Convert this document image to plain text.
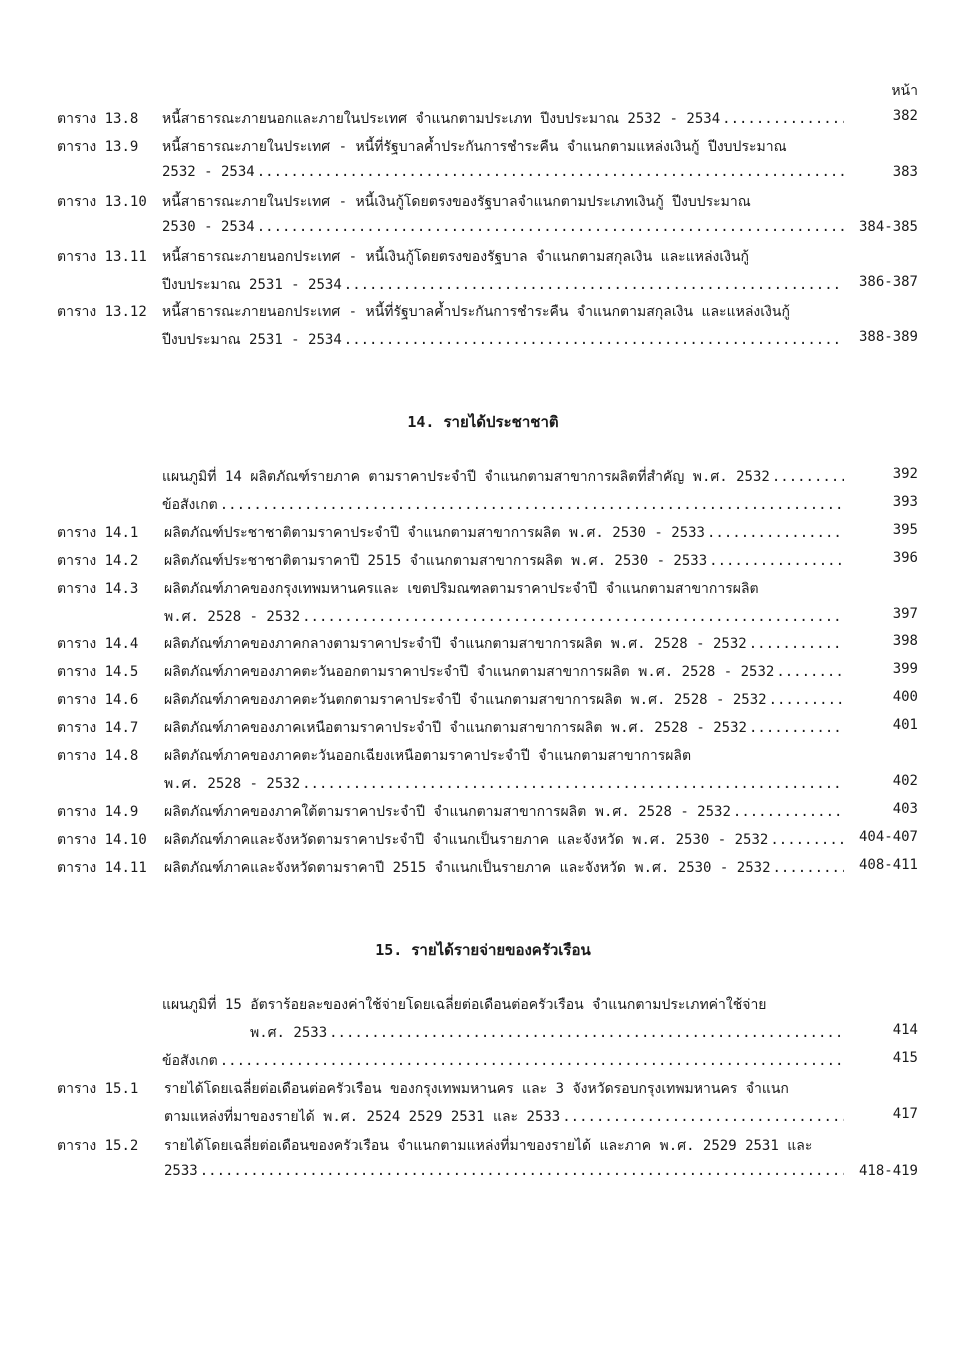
หน้า
ตาราง 13.8 หนี้สาธารณะภายนอกและภายในประเทศ จำแนกตามประเภท ปีงบประมาณ 2532 - 2534 .....	382
ตาราง 13.9 หนี้สาธารณะภายในประเทศ - หนี้ที่รัฐบาลค้ำประกันการชำระคืน จำแนกตามแหล่งเงินกู้ ปีงบประมาณ
2532 - 2534 .....	383
ตาราง 13.10 หนี้สาธารณะภายในประเทศ - หนี้เงินกู้โดยตรงของรัฐบาลจำแนกตามประเภทเงินกู้ ปีงบประมาณ
2530 - 2534 .....	384-385
ตาราง 13.11 หนี้สาธารณะภายนอกประเทศ - หนี้เงินกู้โดยตรงของรัฐบาล จำแนกตามสกุลเงิน และแหล่งเงินกู้
ปีงบประมาณ 2531 - 2534 .....	386-387
ตาราง 13.12 หนี้สาธารณะภายนอกประเทศ - หนี้ที่รัฐบาลค้ำประกันการชำระคืน จำแนกตามสกุลเงิน และแหล่งเงินกู้
ปีงบประมาณ 2531 - 2534 .....	388-389
14. รายได้ประชาชาติ
แผนภูมิที่ 14 ผลิตภัณฑ์รายภาค ตามราคาประจำปี จำแนกตามสาขาการผลิตที่สำคัญ พ.ศ. 2532 .....	392
ข้อสังเกต .....	393
ตาราง 14.1 ผลิตภัณฑ์ประชาชาติตามราคาประจำปี จำแนกตามสาขาการผลิต พ.ศ. 2530 - 2533 .....	395
ตาราง 14.2 ผลิตภัณฑ์ประชาชาติตามราคาปี 2515 จำแนกตามสาขาการผลิต พ.ศ. 2530 - 2533 .....	396
ตาราง 14.3 ผลิตภัณฑ์ภาคของกรุงเทพมหานครและ เขตปริมณฑลตามราคาประจำปี จำแนกตามสาขาการผลิต
พ.ศ. 2528 - 2532 .....	397
ตาราง 14.4 ผลิตภัณฑ์ภาคของภาคกลางตามราคาประจำปี จำแนกตามสาขาการผลิต พ.ศ. 2528 - 2532 .....	398
ตาราง 14.5 ผลิตภัณฑ์ภาคของภาคตะวันออกตามราคาประจำปี จำแนกตามสาขาการผลิต พ.ศ. 2528 - 2532 .....	399
ตาราง 14.6 ผลิตภัณฑ์ภาคของภาคตะวันตกตามราคาประจำปี จำแนกตามสาขาการผลิต พ.ศ. 2528 - 2532 .....	400
ตาราง 14.7 ผลิตภัณฑ์ภาคของภาคเหนือตามราคาประจำปี จำแนกตามสาขาการผลิต พ.ศ. 2528 - 2532 .....	401
ตาราง 14.8 ผลิตภัณฑ์ภาคของภาคตะวันออกเฉียงเหนือตามราคาประจำปี จำแนกตามสาขาการผลิต
พ.ศ. 2528 - 2532 .....	402
ตาราง 14.9 ผลิตภัณฑ์ภาคของภาคใต้ตามราคาประจำปี จำแนกตามสาขาการผลิต พ.ศ. 2528 - 2532 .....	403
ตาราง 14.10 ผลิตภัณฑ์ภาคและจังหวัดตามราคาประจำปี จำแนกเป็นรายภาค และจังหวัด พ.ศ. 2530 - 2532 .....	404-407
ตาราง 14.11 ผลิตภัณฑ์ภาคและจังหวัดตามราคาปี 2515 จำแนกเป็นรายภาค และจังหวัด พ.ศ. 2530 - 2532 .....	408-411
15. รายได้รายจ่ายของครัวเรือน
แผนภูมิที่ 15 อัตราร้อยละของค่าใช้จ่ายโดยเฉลี่ยต่อเดือนต่อครัวเรือน จำแนกตามประเภทค่าใช้จ่าย
พ.ศ. 2533 .....	414
ข้อสังเกต .....	415
ตาราง 15.1 รายได้โดยเฉลี่ยต่อเดือนต่อครัวเรือน ของกรุงเทพมหานคร และ 3 จังหวัดรอบกรุงเทพมหานคร จำแนก
ตามแหล่งที่มาของรายได้ พ.ศ. 2524 2529 2531 และ 2533 .....	417
ตาราง 15.2 รายได้โดยเฉลี่ยต่อเดือนของครัวเรือน จำแนกตามแหล่งที่มาของรายได้ และภาค พ.ศ. 2529 2531 และ
2533 .....	418-419
